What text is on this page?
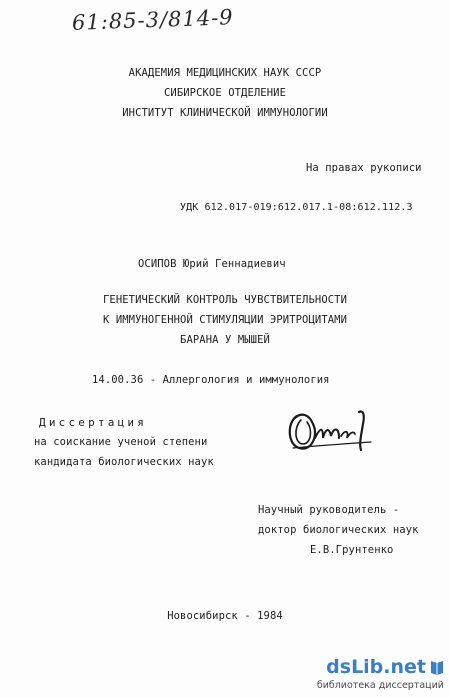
61:85-3/814-9
АКАДЕМИЯ МЕДИЦИНСКИХ НАУК СССР
СИБИРСКОЕ ОТДЕЛЕНИЕ
ИНСТИТУТ КЛИНИЧЕСКОЙ ИММУНОЛОГИИ
На правах рукописи
УДК 612.017-019:612.017.1-08:612.112.3
ОСИПОВ Юрий Геннадиевич
ГЕНЕТИЧЕСКИЙ КОНТРОЛЬ ЧУВСТВИТЕЛЬНОСТИ
К ИММУНОГЕННОЙ СТИМУЛЯЦИИ ЭРИТРОЦИТАМИ
БАРАНА У МЫШЕЙ
14.00.36 - Аллергология и иммунология
Диссертация
на соискание ученой степени
кандидата биологических наук
Научный руководитель -
доктор биологических наук
Е.В.Грунтенко
Новосибирск - 1984
dsLib.net
библиотека диссертаций
